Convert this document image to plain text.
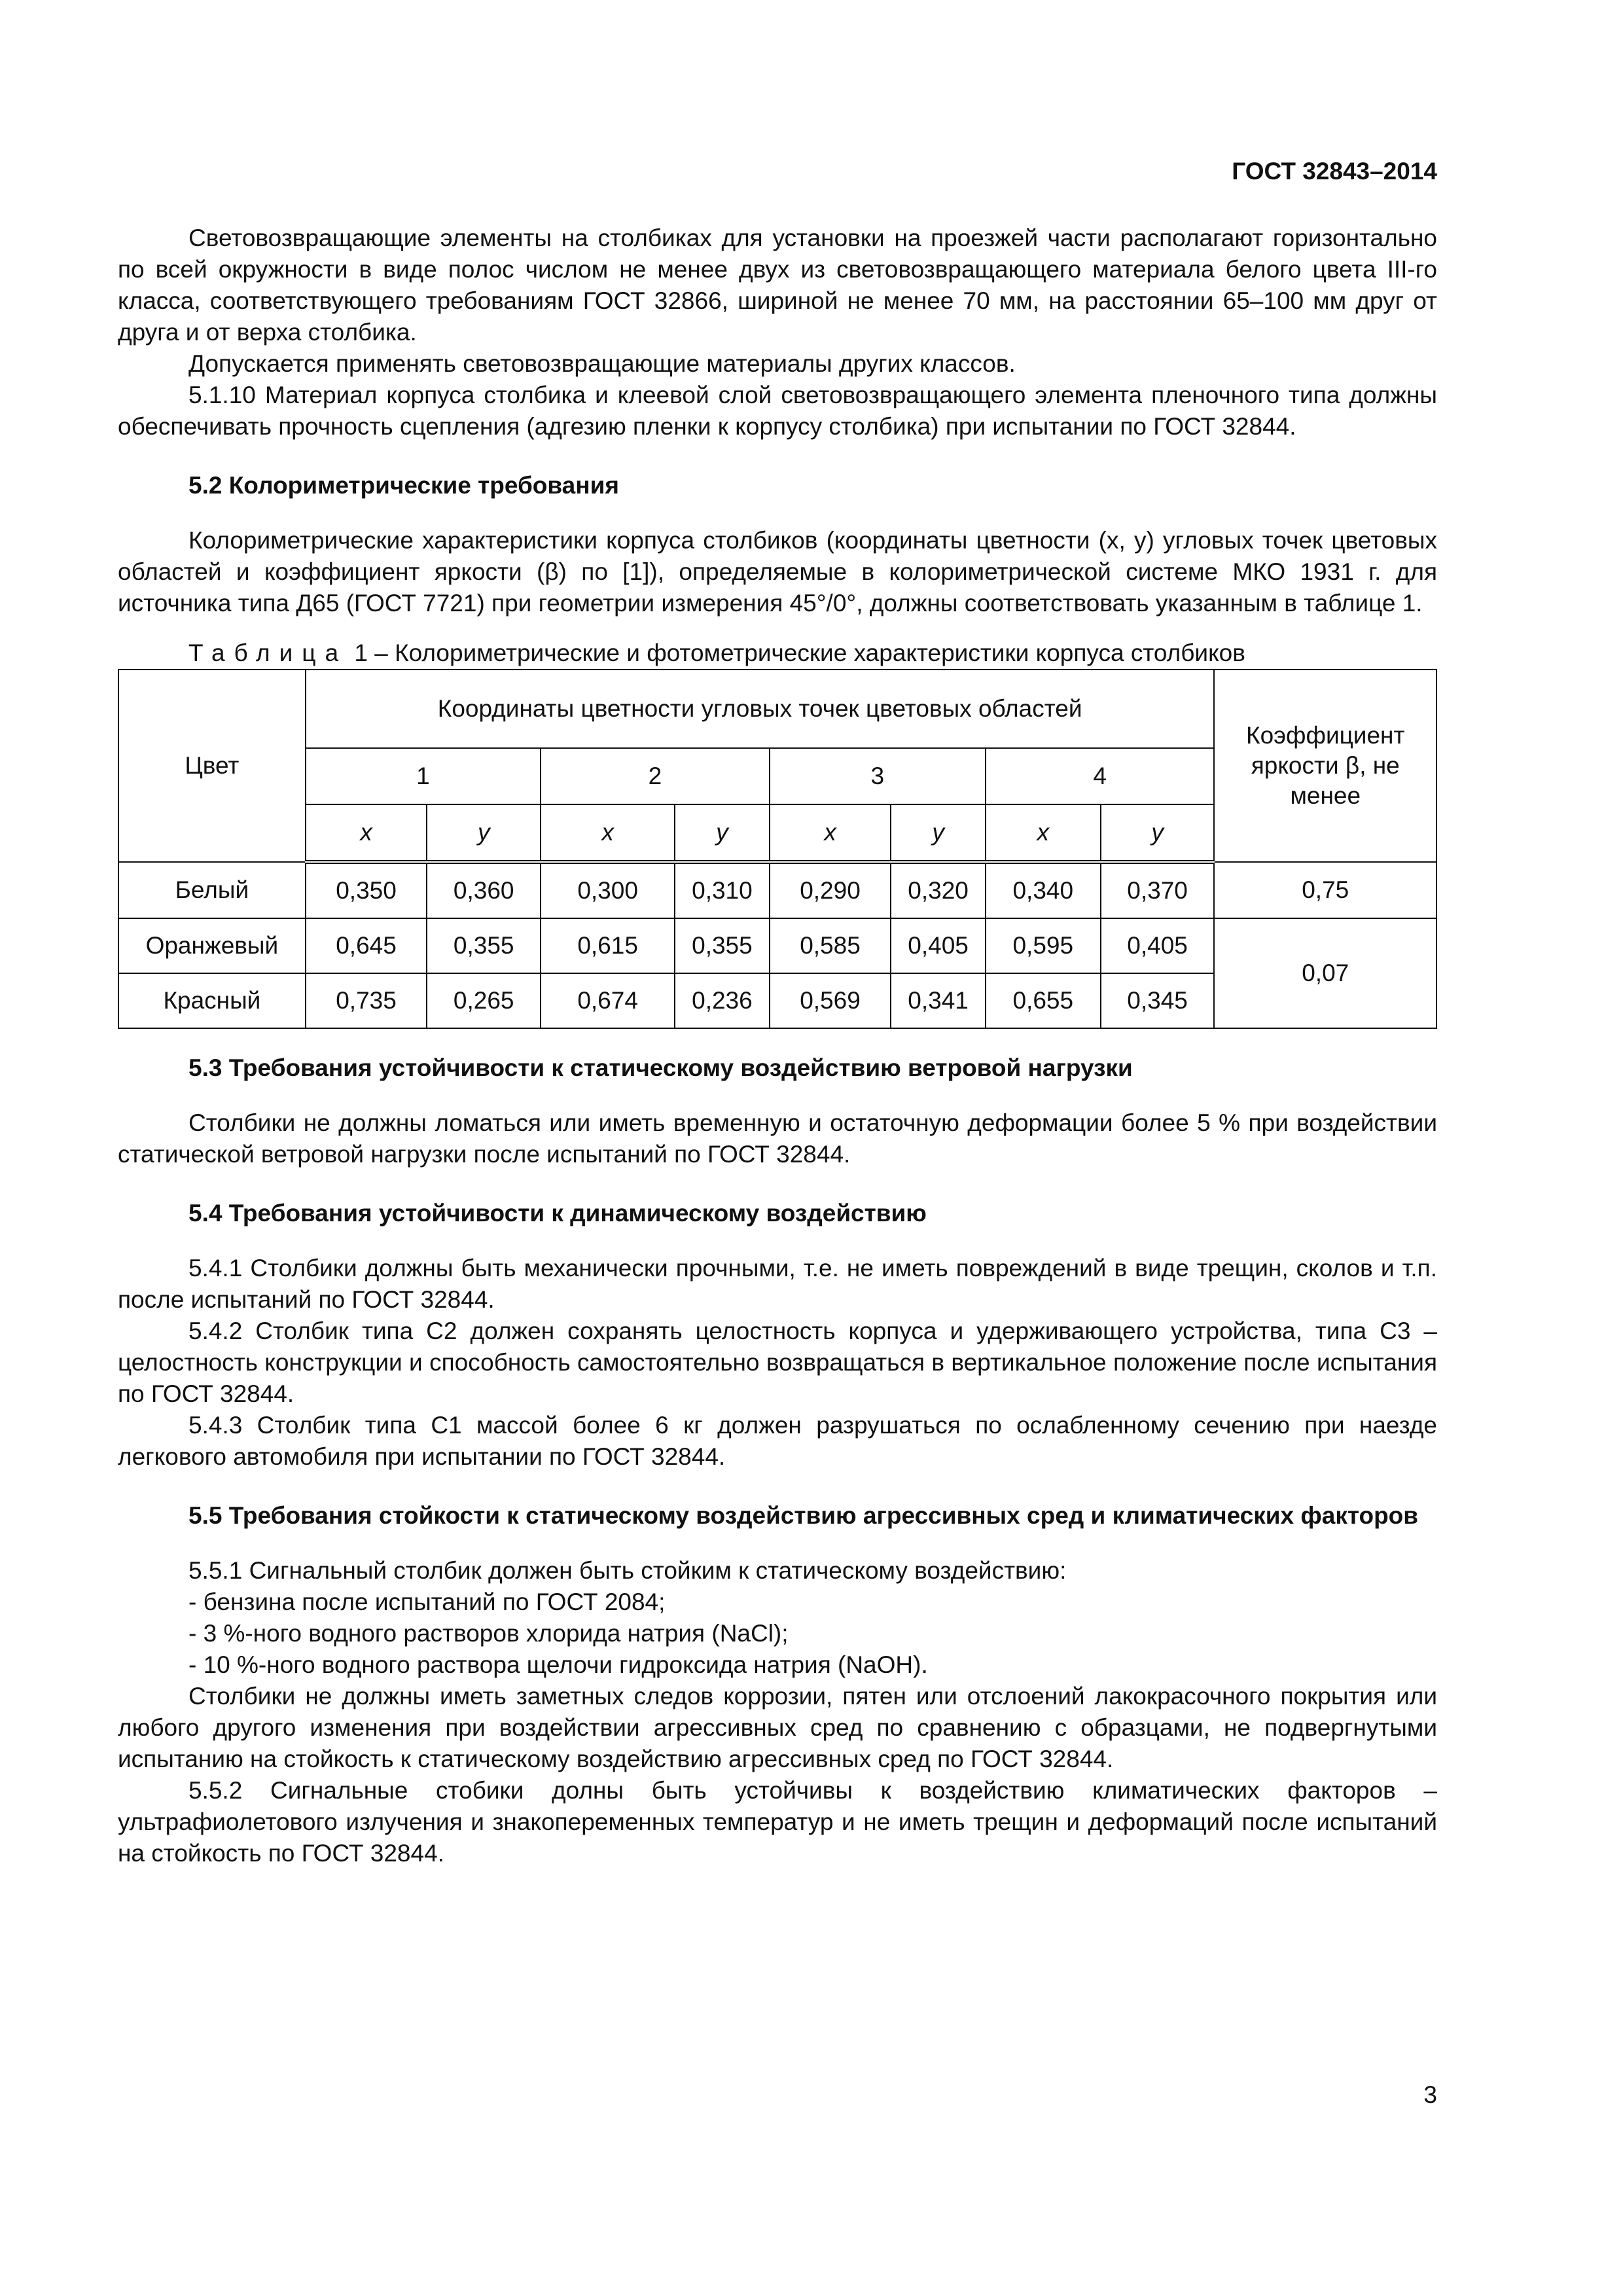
ГОСТ 32843–2014

Световозвращающие элементы на столбиках для установки на проезжей части располагают горизонтально по всей окружности в виде полос числом не менее двух из световозвращающего материала белого цвета III-го класса, соответствующего требованиям ГОСТ 32866, шириной не менее 70 мм, на расстоянии 65–100 мм друг от друга и от верха столбика.

Допускается применять световозвращающие материалы других классов.

5.1.10 Материал корпуса столбика и клеевой слой световозвращающего элемента пленочного типа должны обеспечивать прочность сцепления (адгезию пленки к корпусу столбика) при испытании по ГОСТ 32844.

5.2 Колориметрические требования

Колориметрические характеристики корпуса столбиков (координаты цветности (x, y) угловых точек цветовых областей и коэффициент яркости (β) по [1]), определяемые в колориметрической системе МКО 1931 г. для источника типа Д65 (ГОСТ 7721) при геометрии измерения 45°/0°, должны соответствовать указанным в таблице 1.

Таблица 1 – Колориметрические и фотометрические характеристики корпуса столбиков
Цвет	Координаты цветности угловых точек цветовых областей								Коэффициент яркости β, не менее
	1		2		3		4		
	x	y	x	y	x	y	x	y	
Белый	0,350	0,360	0,300	0,310	0,290	0,320	0,340	0,370	0,75
Оранжевый	0,645	0,355	0,615	0,355	0,585	0,405	0,595	0,405	0,07
Красный	0,735	0,265	0,674	0,236	0,569	0,341	0,655	0,345	
5.3 Требования устойчивости к статическому воздействию ветровой нагрузки

Столбики не должны ломаться или иметь временную и остаточную деформации более 5 % при воздействии статической ветровой нагрузки после испытаний по ГОСТ 32844.

5.4 Требования устойчивости к динамическому воздействию

5.4.1 Столбики должны быть механически прочными, т.е. не иметь повреждений в виде трещин, сколов и т.п. после испытаний по ГОСТ 32844.

5.4.2 Столбик типа С2 должен сохранять целостность корпуса и удерживающего устройства, типа С3 – целостность конструкции и способность самостоятельно возвращаться в вертикальное положение после испытания по ГОСТ 32844.

5.4.3 Столбик типа С1 массой более 6 кг должен разрушаться по ослабленному сечению при наезде легкового автомобиля при испытании по ГОСТ 32844.

5.5 Требования стойкости к статическому воздействию агрессивных сред и климатических факторов

5.5.1 Сигнальный столбик должен быть стойким к статическому воздействию:

- бензина после испытаний по ГОСТ 2084;

- 3 %-ного водного растворов хлорида натрия (NaCl);

- 10 %-ного водного раствора щелочи гидроксида натрия (NaOH).

Столбики не должны иметь заметных следов коррозии, пятен или отслоений лакокрасочного покрытия или любого другого изменения при воздействии агрессивных сред по сравнению с образцами, не подвергнутыми испытанию на стойкость к статическому воздействию агрессивных сред по ГОСТ 32844.

5.5.2 Сигнальные стобики долны быть устойчивы к воздействию климатических факторов – ультрафиолетового излучения и знакопеременных температур и не иметь трещин и деформаций после испытаний на стойкость по ГОСТ 32844.

3
